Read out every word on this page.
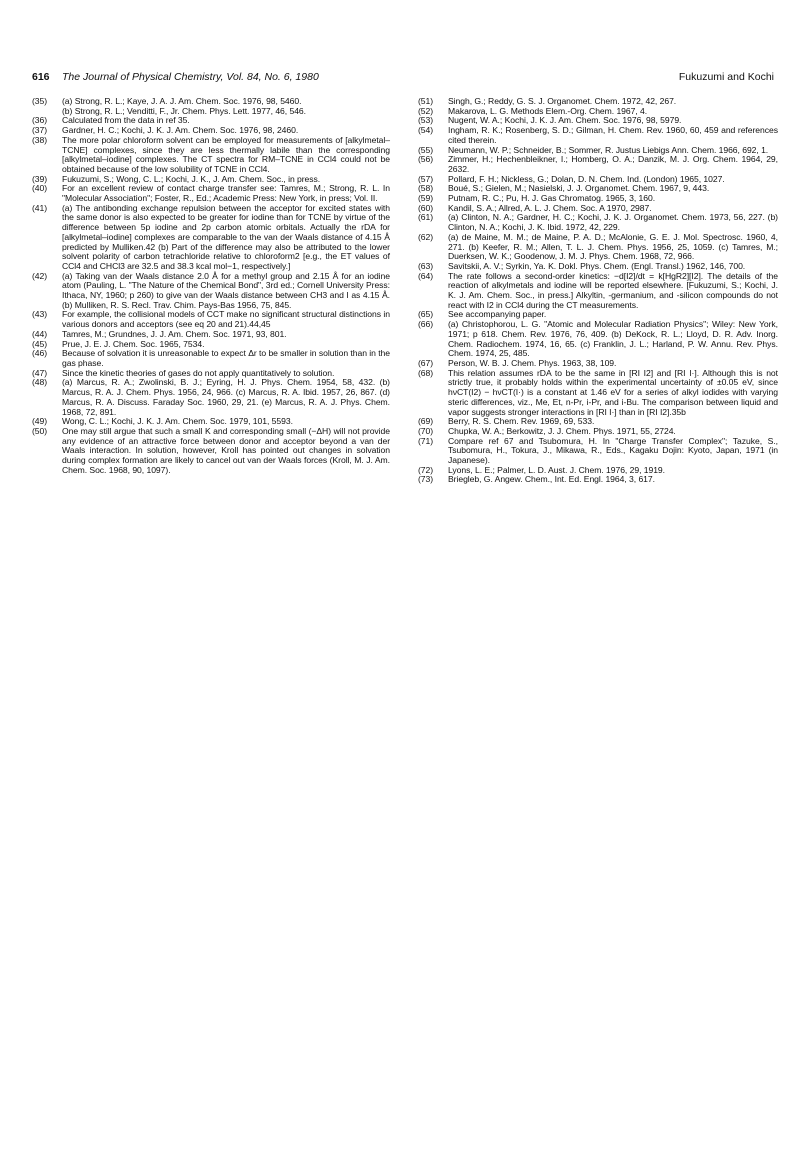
616 The Journal of Physical Chemistry, Vol. 84, No. 6, 1980	Fukuzumi and Kochi
(35)	(a) Strong, R. L.; Kaye, J. A. J. Am. Chem. Soc. 1976, 98, 5460.
(b) Strong, R. L.; Venditti, F., Jr. Chem. Phys. Lett. 1977, 46, 546.
(36)	Calculated from the data in ref 35.
(37)	Gardner, H. C.; Kochi, J. K. J. Am. Chem. Soc. 1976, 98, 2460.
(38)	The more polar chloroform solvent can be employed for measurements of [alkylmetal–TCNE] complexes, since they are less thermally labile than the corresponding [alkylmetal–iodine] complexes. The CT spectra for RM–TCNE in CCl4 could not be obtained because of the low solubility of TCNE in CCl4.
(39)	Fukuzumi, S.; Wong, C. L.; Kochi, J. K., J. Am. Chem. Soc., in press.
(40)	For an excellent review of contact charge transfer see: Tamres, M.; Strong, R. L. In "Molecular Association"; Foster, R., Ed.; Academic Press: New York, in press; Vol. II.
(41)	(a) The antibonding exchange repulsion between the acceptor for excited states with the same donor is also expected to be greater for iodine than for TCNE by virtue of the difference between 5p iodine and 2p carbon atomic orbitals. Actually the rDA for [alkylmetal–iodine] complexes are comparable to the van der Waals distance of 4.15 Å predicted by Mulliken.42 (b) Part of the difference may also be attributed to the lower solvent polarity of carbon tetrachloride relative to chloroform2 [e.g., the ET values of CCl4 and CHCl3 are 32.5 and 38.3 kcal mol−1, respectively.]
(42)	(a) Taking van der Waals distance 2.0 Å for a methyl group and 2.15 Å for an iodine atom (Pauling, L. "The Nature of the Chemical Bond", 3rd ed.; Cornell University Press: Ithaca, NY, 1960; p 260) to give van der Waals distance between CH3 and I as 4.15 Å. (b) Mulliken, R. S. Recl. Trav. Chim. Pays-Bas 1956, 75, 845.
(43)	For example, the collisional models of CCT make no significant structural distinctions in various donors and acceptors (see eq 20 and 21).44,45
(44)	Tamres, M.; Grundnes, J. J. Am. Chem. Soc. 1971, 93, 801.
(45)	Prue, J. E. J. Chem. Soc. 1965, 7534.
(46)	Because of solvation it is unreasonable to expect Δr to be smaller in solution than in the gas phase.
(47)	Since the kinetic theories of gases do not apply quantitatively to solution.
(48)	(a) Marcus, R. A.; Zwolinski, B. J.; Eyring, H. J. Phys. Chem. 1954, 58, 432. (b) Marcus, R. A. J. Chem. Phys. 1956, 24, 966. (c) Marcus, R. A. Ibid. 1957, 26, 867. (d) Marcus, R. A. Discuss. Faraday Soc. 1960, 29, 21. (e) Marcus, R. A. J. Phys. Chem. 1968, 72, 891.
(49)	Wong, C. L.; Kochi, J. K. J. Am. Chem. Soc. 1979, 101, 5593.
(50)	One may still argue that such a small K and corresponding small (−ΔH) will not provide any evidence of an attractive force between donor and acceptor beyond a van der Waals interaction. In solution, however, Kroll has pointed out changes in solvation during complex formation are likely to cancel out van der Waals forces (Kroll, M. J. Am. Chem. Soc. 1968, 90, 1097).
(51)	Singh, G.; Reddy, G. S. J. Organomet. Chem. 1972, 42, 267.
(52)	Makarova, L. G. Methods Elem.-Org. Chem. 1967, 4.
(53)	Nugent, W. A.; Kochi, J. K. J. Am. Chem. Soc. 1976, 98, 5979.
(54)	Ingham, R. K.; Rosenberg, S. D.; Gilman, H. Chem. Rev. 1960, 60, 459 and references cited therein.
(55)	Neumann, W. P.; Schneider, B.; Sommer, R. Justus Liebigs Ann. Chem. 1966, 692, 1.
(56)	Zimmer, H.; Hechenbleikner, I.; Homberg, O. A.; Danzik, M. J. Org. Chem. 1964, 29, 2632.
(57)	Pollard, F. H.; Nickless, G.; Dolan, D. N. Chem. Ind. (London) 1965, 1027.
(58)	Boué, S.; Gielen, M.; Nasielski, J. J. Organomet. Chem. 1967, 9, 443.
(59)	Putnam, R. C.; Pu, H. J. Gas Chromatog. 1965, 3, 160.
(60)	Kandil, S. A.; Allred, A. L. J. Chem. Soc. A 1970, 2987.
(61)	(a) Clinton, N. A.; Gardner, H. C.; Kochi, J. K. J. Organomet. Chem. 1973, 56, 227. (b) Clinton, N. A.; Kochi, J. K. Ibid. 1972, 42, 229.
(62)	(a) de Maine, M. M.; de Maine, P. A. D.; McAlonie, G. E. J. Mol. Spectrosc. 1960, 4, 271. (b) Keefer, R. M.; Allen, T. L. J. Chem. Phys. 1956, 25, 1059. (c) Tamres, M.; Duerksen, W. K.; Goodenow, J. M. J. Phys. Chem. 1968, 72, 966.
(63)	Savitskii, A. V.; Syrkin, Ya. K. Dokl. Phys. Chem. (Engl. Transl.) 1962, 146, 700.
(64)	The rate follows a second-order kinetics: −d[I2]/dt = k[HgR2][I2]. The details of the reaction of alkylmetals and iodine will be reported elsewhere. [Fukuzumi, S.; Kochi, J. K. J. Am. Chem. Soc., in press.] Alkyltin, -germanium, and -silicon compounds do not react with I2 in CCl4 during the CT measurements.
(65)	See accompanying paper.
(66)	(a) Christophorou, L. G. "Atomic and Molecular Radiation Physics"; Wiley: New York, 1971; p 618. Chem. Rev. 1976, 76, 409. (b) DeKock, R. L.; Lloyd, D. R. Adv. Inorg. Chem. Radiochem. 1974, 16, 65. (c) Franklin, J. L.; Harland, P. W. Annu. Rev. Phys. Chem. 1974, 25, 485.
(67)	Person, W. B. J. Chem. Phys. 1963, 38, 109.
(68)	This relation assumes rDA to be the same in [RI I2] and [RI I·]. Although this is not strictly true, it probably holds within the experimental uncertainty of ±0.05 eV, since hνCT(I2) − hνCT(I·) is a constant at 1.46 eV for a series of alkyl iodides with varying steric differences, viz., Me, Et, n-Pr, i-Pr, and i-Bu. The comparison between liquid and vapor suggests stronger interactions in [RI I·] than in [RI I2].35b
(69)	Berry, R. S. Chem. Rev. 1969, 69, 533.
(70)	Chupka, W. A.; Berkowitz, J. J. Chem. Phys. 1971, 55, 2724.
(71)	Compare ref 67 and Tsubomura, H. In "Charge Transfer Complex"; Tazuke, S., Tsubomura, H., Tokura, J., Mikawa, R., Eds., Kagaku Dojin: Kyoto, Japan, 1971 (in Japanese).
(72)	Lyons, L. E.; Palmer, L. D. Aust. J. Chem. 1976, 29, 1919.
(73)	Briegleb, G. Angew. Chem., Int. Ed. Engl. 1964, 3, 617.
